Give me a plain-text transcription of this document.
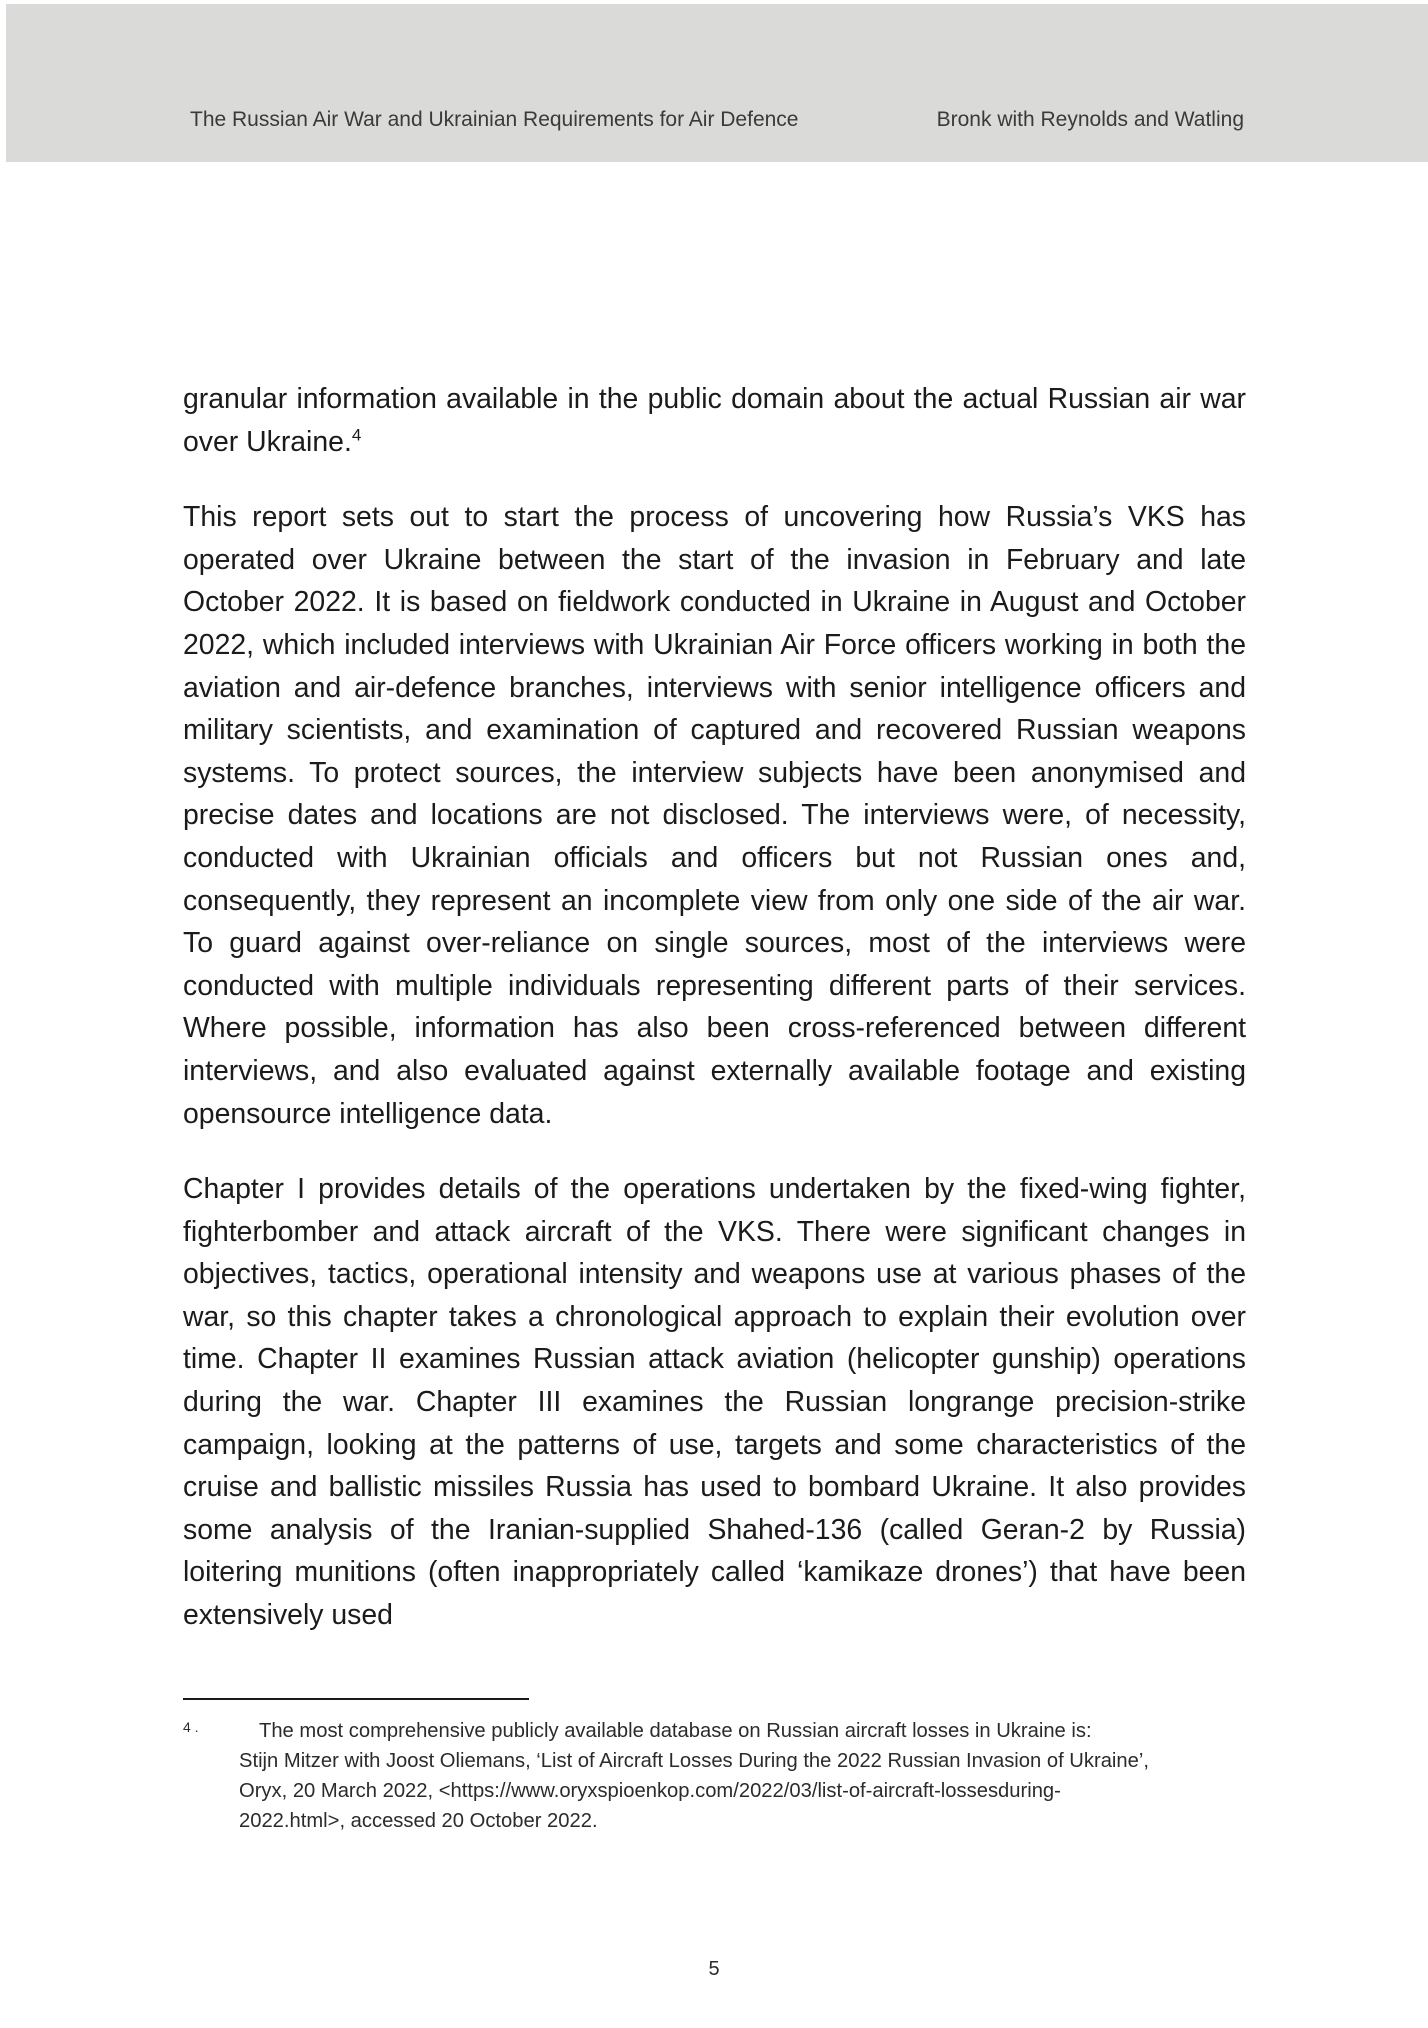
The Russian Air War and Ukrainian Requirements for Air Defence	Bronk with Reynolds and Watling

granular information available in the public domain about the actual Russian air war over Ukraine.$^4$

This report sets out to start the process of uncovering how Russia’s VKS has operated over Ukraine between the start of the invasion in February and late October 2022. It is based on fieldwork conducted in Ukraine in August and October 2022, which included interviews with Ukrainian Air Force officers working in both the aviation and air-defence branches, interviews with senior intelligence officers and military scientists, and examination of captured and recovered Russian weapons systems. To protect sources, the interview subjects have been anonymised and precise dates and locations are not disclosed. The interviews were, of necessity, conducted with Ukrainian officials and officers but not Russian ones and, consequently, they represent an incomplete view from only one side of the air war. To guard against over-reliance on single sources, most of the interviews were conducted with multiple individuals representing different parts of their services. Where possible, information has also been cross-referenced between different interviews, and also evaluated against externally available footage and existing opensource intelligence data.

Chapter I provides details of the operations undertaken by the fixed-wing fighter, fighterbomber and attack aircraft of the VKS. There were significant changes in objectives, tactics, operational intensity and weapons use at various phases of the war, so this chapter takes a chronological approach to explain their evolution over time. Chapter II examines Russian attack aviation (helicopter gunship) operations during the war. Chapter III examines the Russian longrange precision-strike campaign, looking at the patterns of use, targets and some characteristics of the cruise and ballistic missiles Russia has used to bombard Ukraine. It also provides some analysis of the Iranian-supplied Shahed-136 (called Geran-2 by Russia) loitering munitions (often inappropriately called ‘kamikaze drones’) that have been extensively used

4 .	The most comprehensive publicly available database on Russian aircraft losses in Ukraine is:
Stijn Mitzer with Joost Oliemans, ‘List of Aircraft Losses During the 2022 Russian Invasion of Ukraine’,
Oryx, 20 March 2022, <https://www.oryxspioenkop.com/2022/03/list-of-aircraft-lossesduring-
2022.html>, accessed 20 October 2022.
5
